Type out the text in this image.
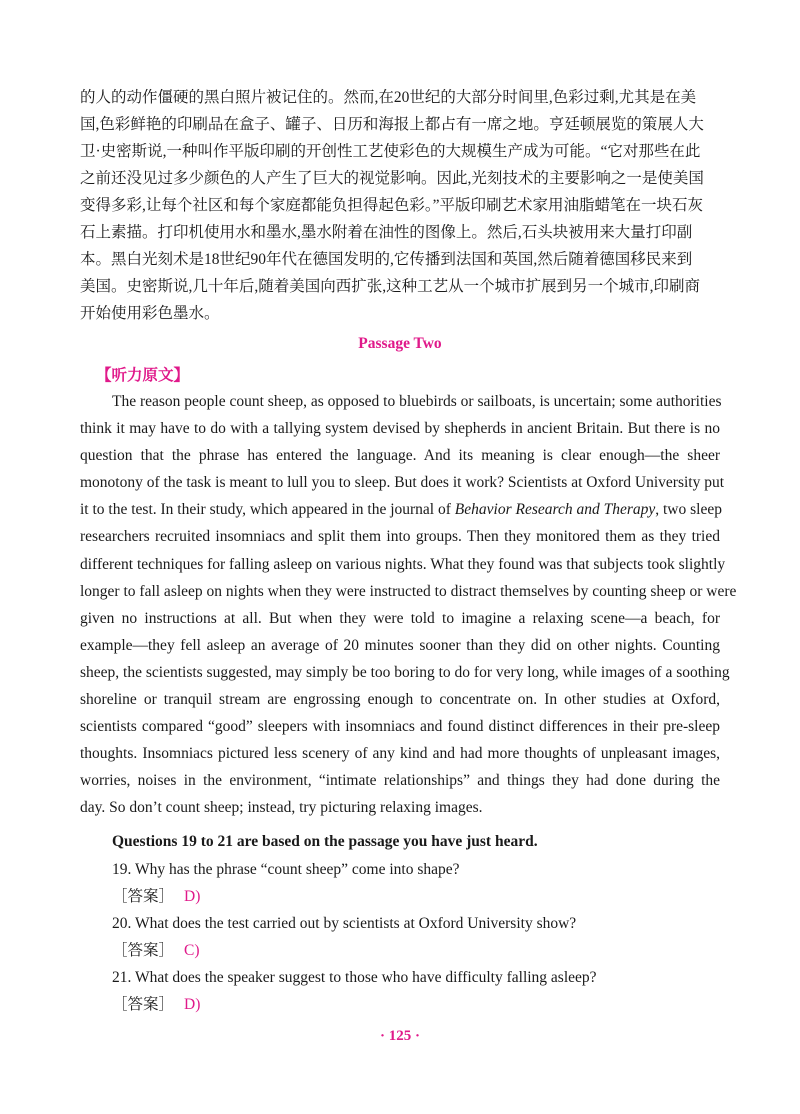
的人的动作僵硬的黑白照片被记住的。然而,在20世纪的大部分时间里,色彩过剩,尤其是在美
国,色彩鲜艳的印刷品在盒子、罐子、日历和海报上都占有一席之地。亨廷顿展览的策展人大
卫·史密斯说,一种叫作平版印刷的开创性工艺使彩色的大规模生产成为可能。“它对那些在此
之前还没见过多少颜色的人产生了巨大的视觉影响。因此,光刻技术的主要影响之一是使美国
变得多彩,让每个社区和每个家庭都能负担得起色彩。”平版印刷艺术家用油脂蜡笔在一块石灰
石上素描。打印机使用水和墨水,墨水附着在油性的图像上。然后,石头块被用来大量打印副
本。黑白光刻术是18世纪90年代在德国发明的,它传播到法国和英国,然后随着德国移民来到
美国。史密斯说,几十年后,随着美国向西扩张,这种工艺从一个城市扩展到另一个城市,印刷商
开始使用彩色墨水。
Passage Two
【听力原文】
The reason people count sheep, as opposed to bluebirds or sailboats, is uncertain; some authorities
think it may have to do with a tallying system devised by shepherds in ancient Britain. But there is no
question that the phrase has entered the language. And its meaning is clear enough—the sheer
monotony of the task is meant to lull you to sleep. But does it work? Scientists at Oxford University put
it to the test. In their study, which appeared in the journal of Behavior Research and Therapy, two sleep
researchers recruited insomniacs and split them into groups. Then they monitored them as they tried
different techniques for falling asleep on various nights. What they found was that subjects took slightly
longer to fall asleep on nights when they were instructed to distract themselves by counting sheep or were
given no instructions at all. But when they were told to imagine a relaxing scene—a beach, for
example—they fell asleep an average of 20 minutes sooner than they did on other nights. Counting
sheep, the scientists suggested, may simply be too boring to do for very long, while images of a soothing
shoreline or tranquil stream are engrossing enough to concentrate on. In other studies at Oxford,
scientists compared “good” sleepers with insomniacs and found distinct differences in their pre-sleep
thoughts. Insomniacs pictured less scenery of any kind and had more thoughts of unpleasant images,
worries, noises in the environment, “intimate relationships” and things they had done during the
day. So don’t count sheep; instead, try picturing relaxing images.
Questions 19 to 21 are based on the passage you have just heard.
19. Why has the phrase “count sheep” come into shape?
［答案］ D)
20. What does the test carried out by scientists at Oxford University show?
［答案］ C)
21. What does the speaker suggest to those who have difficulty falling asleep?
［答案］ D)
· 125 ·
